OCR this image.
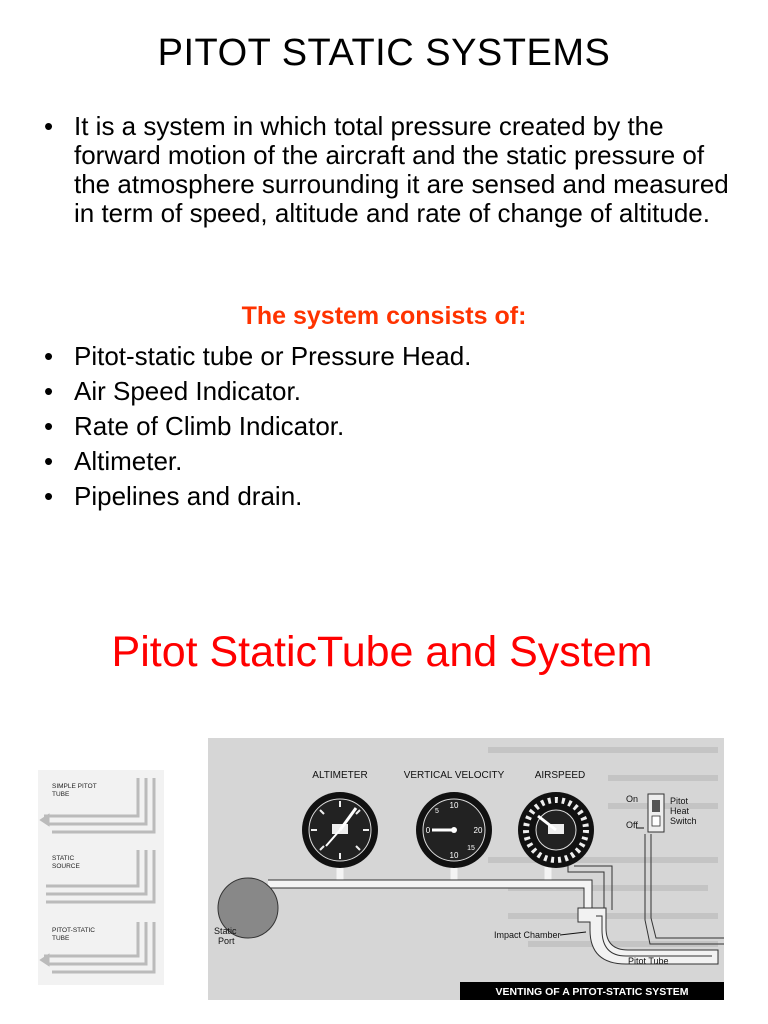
PITOT STATIC SYSTEMS
• It is a system in which total pressure created by the forward motion of the aircraft and the static pressure of the atmosphere surrounding it are sensed and measured in term of speed, altitude and rate of change of altitude.
The system consists of:
• Pitot-static tube or Pressure Head.
• Air Speed Indicator.
• Rate of Climb Indicator.
• Altimeter.
• Pipelines and drain.
Pitot StaticTube and System
SIMPLE PITOT
TUBE
STATIC
SOURCE
PITOT-STATIC
TUBE
ALTIMETER	VERTICAL VELOCITY	AIRSPEED
10
0	20
10
5
15
Static
Port
Impact Chamber
Pitot Tube
On
Off
Pitot
Heat
Switch
VENTING OF A PITOT-STATIC SYSTEM
